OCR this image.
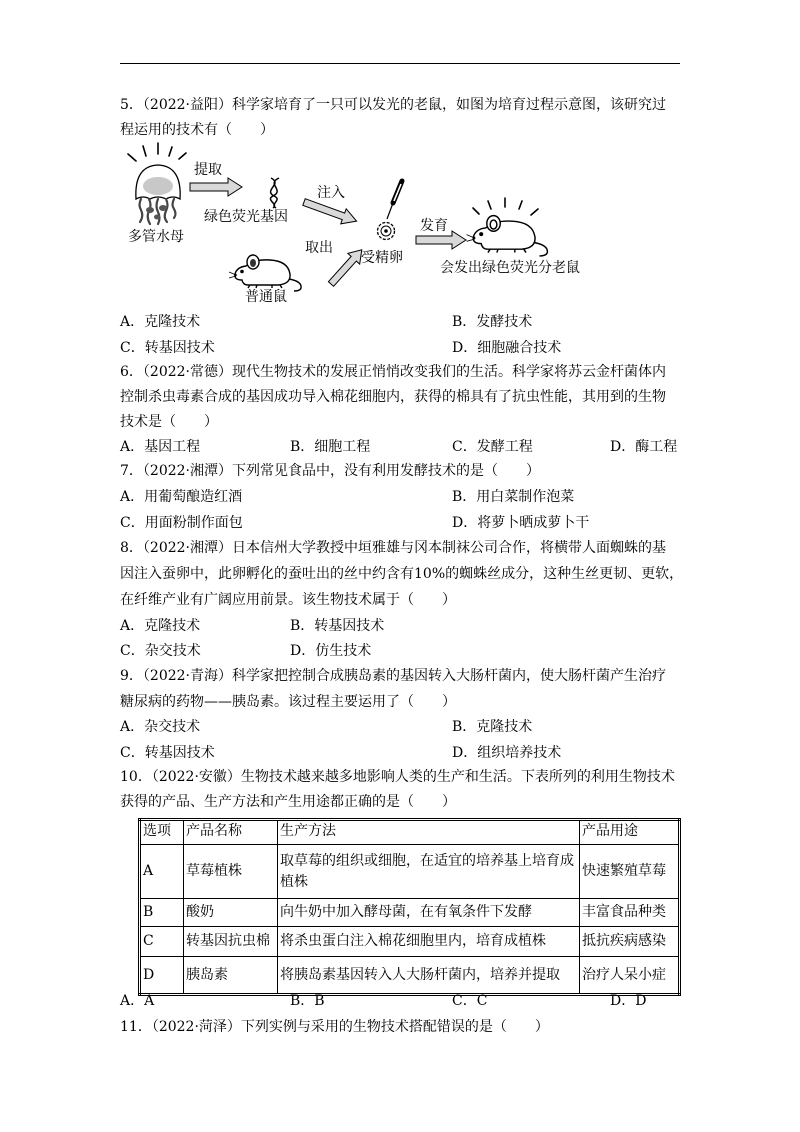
5．（2022·益阳）科学家培育了一只可以发光的老鼠，如图为培育过程示意图，该研究过
程运用的技术有（　　）
提取
多管水母
绿色荧光基因
注入
取出
受精卵
发育
会发出绿色荧光分老鼠
普通鼠
A．克隆技术	B．发酵技术
C．转基因技术	D．细胞融合技术
6．（2022·常德）现代生物技术的发展正悄悄改变我们的生活。科学家将苏云金杆菌体内
控制杀虫毒素合成的基因成功导入棉花细胞内，获得的棉具有了抗虫性能，其用到的生物
技术是（　　）
A．基因工程	B．细胞工程	C．发酵工程	D．酶工程
7．（2022·湘潭）下列常见食品中，没有利用发酵技术的是（　　）
A．用葡萄酿造红酒	B．用白菜制作泡菜
C．用面粉制作面包	D．将萝卜晒成萝卜干
8．（2022·湘潭）日本信州大学教授中垣雅雄与冈本制袜公司合作，将横带人面蜘蛛的基
因注入蚕卵中，此卵孵化的蚕吐出的丝中约含有10%的蜘蛛丝成分，这种生丝更韧、更软，
在纤维产业有广阔应用前景。该生物技术属于（　　）
A．克隆技术	B．转基因技术
C．杂交技术	D．仿生技术
9．（2022·青海）科学家把控制合成胰岛素的基因转入大肠杆菌内，使大肠杆菌产生治疗
糖尿病的药物——胰岛素。该过程主要运用了（　　）
A．杂交技术	B．克隆技术
C．转基因技术	D．组织培养技术
10．（2022·安徽）生物技术越来越多地影响人类的生产和生活。下表所列的利用生物技术
获得的产品、生产方法和产生用途都正确的是（　　）
选项	产品名称	生产方法	产品用途
A	草莓植株	取草莓的组织或细胞，在适宜的培养基上培育成植株	快速繁殖草莓
B	酸奶	向牛奶中加入酵母菌，在有氧条件下发酵	丰富食品种类
C	转基因抗虫棉	将杀虫蛋白注入棉花细胞里内，培育成植株	抵抗疾病感染
D	胰岛素	将胰岛素基因转入人大肠杆菌内，培养并提取	治疗人呆小症
A．A	B．B	C．C	D．D
11．（2022·菏泽）下列实例与采用的生物技术搭配错误的是（　　）
